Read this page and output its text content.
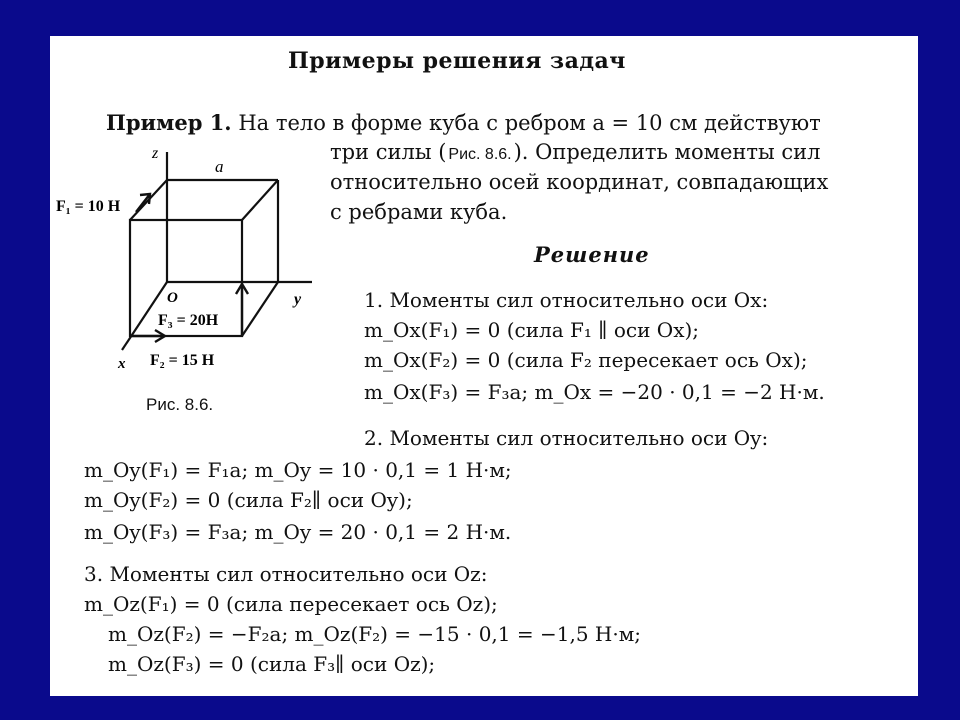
Примеры решения задач
Пример 1. На тело в форме куба с ребром a = 10 см действуют
три силы ( Рис. 8.6.). Определить моменты сил
относительно осей координат, совпадающих
с ребрами куба.
Решение
z
a
y
O
x
F₁ = 10 Н
F₃ = 20Н
F₂ = 15 Н
Рис. 8.6.
1. Моменты сил относительно оси Ox:
m_Ox(F₁) = 0 (сила F₁ ∥ оси Ox);
m_Ox(F₂) = 0 (сила F₂ пересекает ось Ox);
m_Ox(F₃) = F₃a; m_Ox = −20 · 0,1 = −2 Н·м.
2. Моменты сил относительно оси Oy:
m_Oy(F₁) = F₁a; m_Oy = 10 · 0,1 = 1 Н·м;
m_Oy(F₂) = 0 (сила F₂∥ оси Oy);
m_Oy(F₃) = F₃a; m_Oy = 20 · 0,1 = 2 Н·м.
3. Моменты сил относительно оси Oz:
m_Oz(F₁) = 0 (сила пересекает ось Oz);
m_Oz(F₂) = −F₂a; m_Oz(F₂) = −15 · 0,1 = −1,5 Н·м;
m_Oz(F₃) = 0 (сила F₃∥ оси Oz);
